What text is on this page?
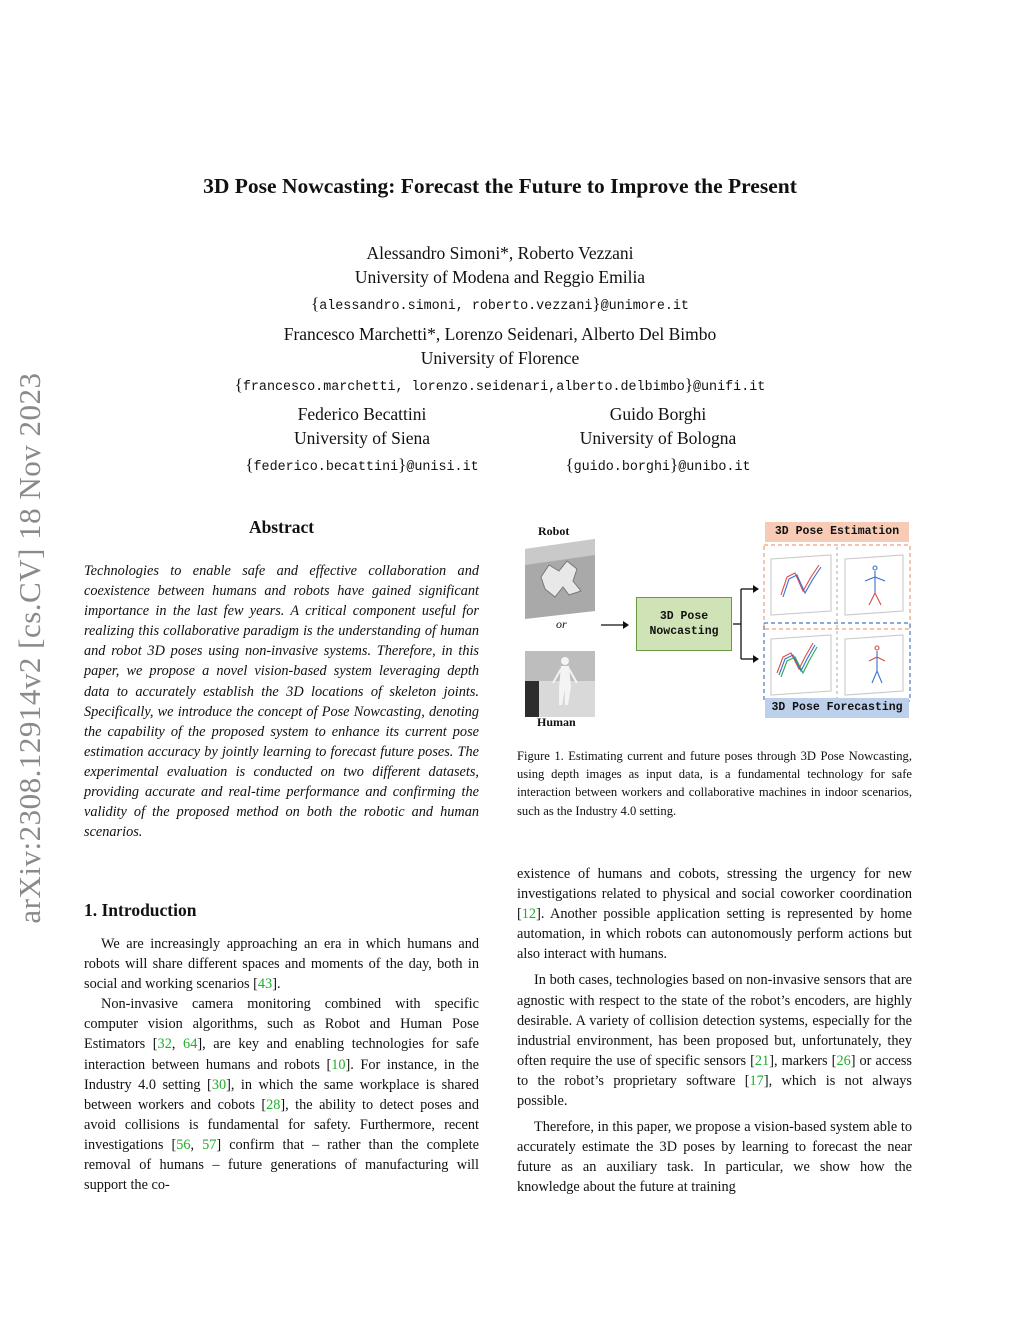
arXiv:2308.12914v2 [cs.CV] 18 Nov 2023
3D Pose Nowcasting: Forecast the Future to Improve the Present
Alessandro Simoni*, Roberto Vezzani
University of Modena and Reggio Emilia
{alessandro.simoni, roberto.vezzani}@unimore.it
Francesco Marchetti*, Lorenzo Seidenari, Alberto Del Bimbo
University of Florence
{francesco.marchetti, lorenzo.seidenari,alberto.delbimbo}@unifi.it
Federico Becattini
University of Siena
{federico.becattini}@unisi.it
Guido Borghi
University of Bologna
{guido.borghi}@unibo.it
Abstract
Technologies to enable safe and effective collaboration and coexistence between humans and robots have gained significant importance in the last few years. A critical component useful for realizing this collaborative paradigm is the understanding of human and robot 3D poses using non-invasive systems. Therefore, in this paper, we propose a novel vision-based system leveraging depth data to accurately establish the 3D locations of skeleton joints. Specifically, we introduce the concept of Pose Nowcasting, denoting the capability of the proposed system to enhance its current pose estimation accuracy by jointly learning to forecast future poses. The experimental evaluation is conducted on two different datasets, providing accurate and real-time performance and confirming the validity of the proposed method on both the robotic and human scenarios.
1. Introduction

We are increasingly approaching an era in which humans and robots will share different spaces and moments of the day, both in social and working scenarios [43].

Non-invasive camera monitoring combined with specific computer vision algorithms, such as Robot and Human Pose Estimators [32, 64], are key and enabling technologies for safe interaction between humans and robots [10]. For instance, in the Industry 4.0 setting [30], in which the same workplace is shared between workers and cobots [28], the ability to detect poses and avoid collisions is fundamental for safety. Furthermore, recent investigations [56, 57] confirm that – rather than the complete removal of humans – future generations of manufacturing will support the co-

Robot
or
Human
3D Pose
Nowcasting
3D Pose Estimation
3D Pose Forecasting
Figure 1. Estimating current and future poses through 3D Pose Nowcasting, using depth images as input data, is a fundamental technology for safe interaction between workers and collaborative machines in indoor scenarios, such as the Industry 4.0 setting.

existence of humans and cobots, stressing the urgency for new investigations related to physical and social coworker coordination [12]. Another possible application setting is represented by home automation, in which robots can autonomously perform actions but also interact with humans.

In both cases, technologies based on non-invasive sensors that are agnostic with respect to the state of the robot’s encoders, are highly desirable. A variety of collision detection systems, especially for the industrial environment, has been proposed but, unfortunately, they often require the use of specific sensors [21], markers [26] or access to the robot’s proprietary software [17], which is not always possible.

Therefore, in this paper, we propose a vision-based system able to accurately estimate the 3D poses by learning to forecast the near future as an auxiliary task. In particular, we show how the knowledge about the future at training
